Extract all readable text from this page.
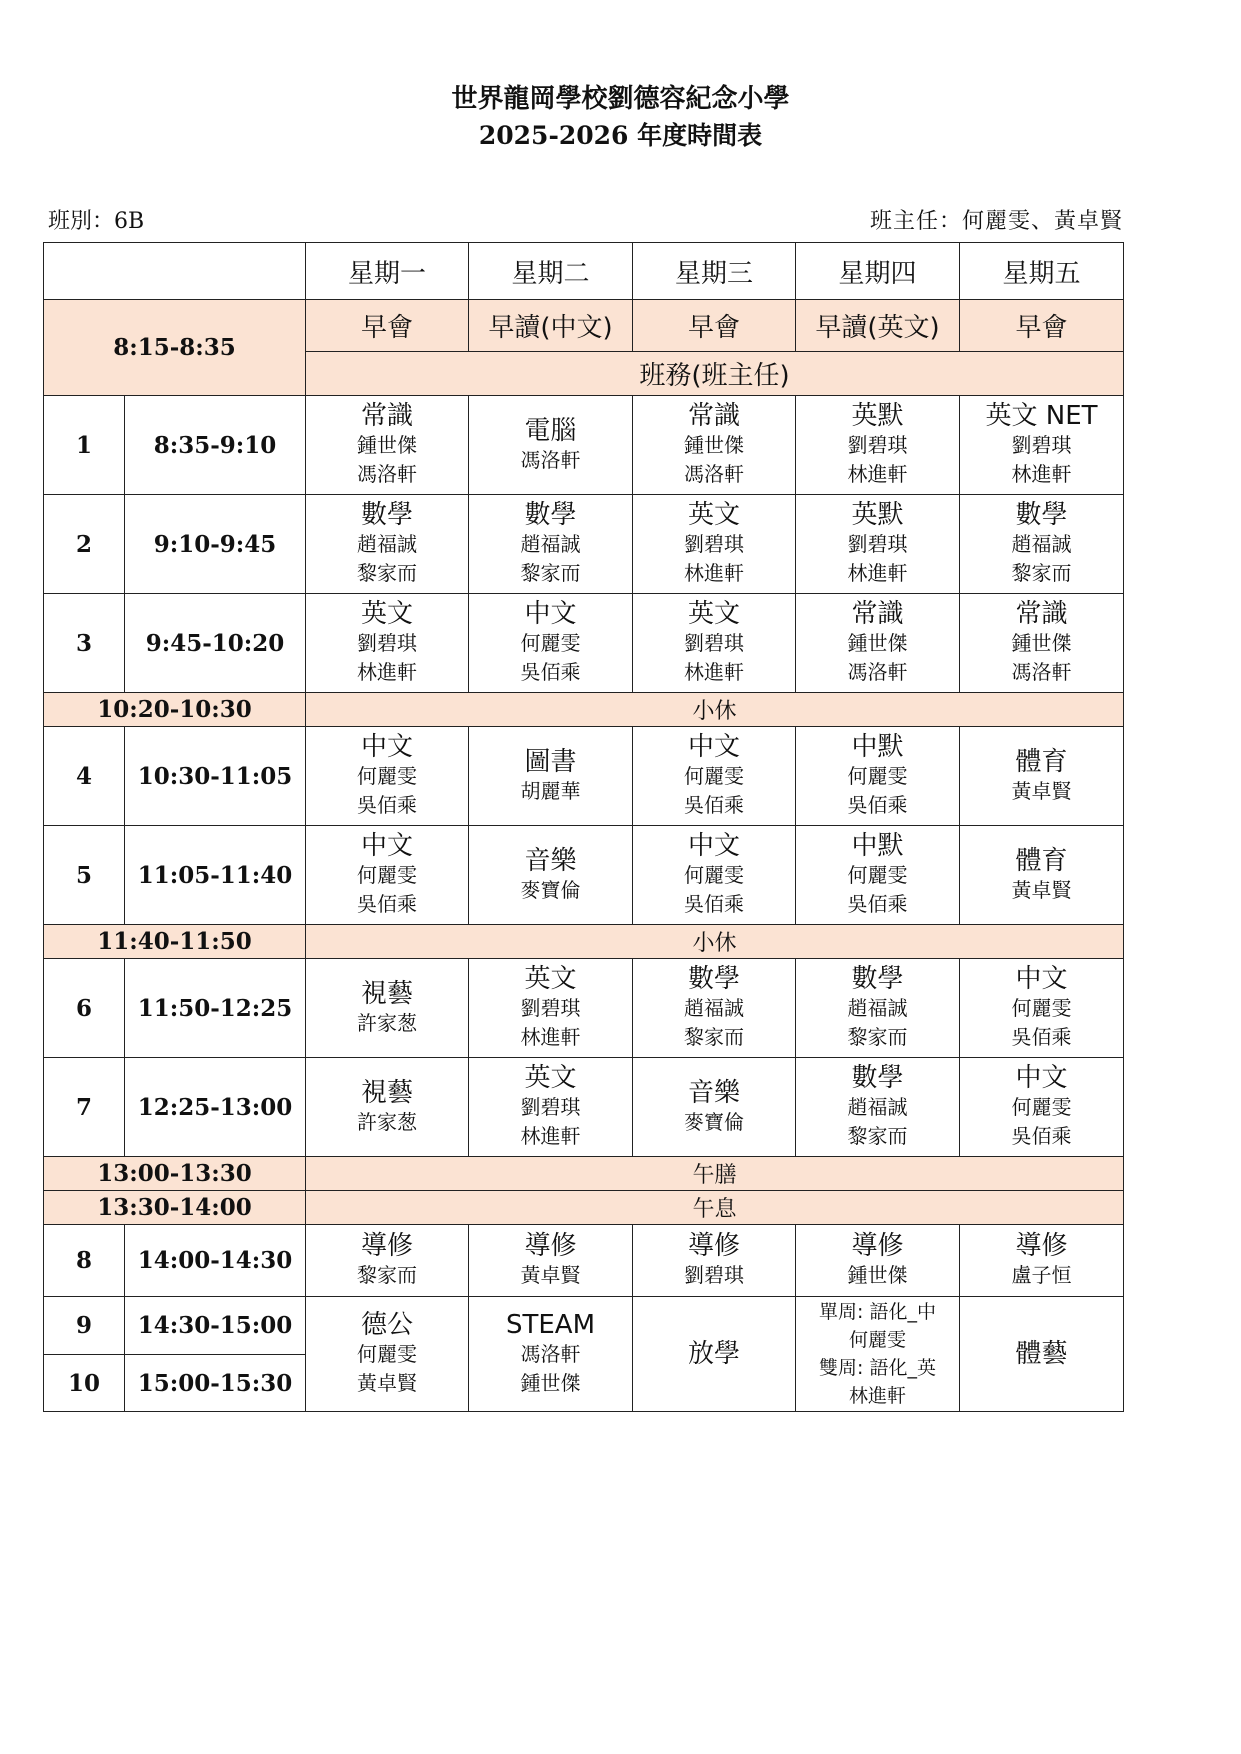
世界龍岡學校劉德容紀念小學
2025-2026 年度時間表
班別：6B	班主任：何麗雯、黃卓賢
		星期一	星期二	星期三	星期四	星期五
8:15-8:35		早會	早讀(中文)	早會	早讀(英文)	早會
		班務(班主任)				
1	8:35-9:10	常識
鍾世傑
馮洛軒	電腦
馮洛軒	常識
鍾世傑
馮洛軒	英默
劉碧琪
林進軒	英文 NET
劉碧琪
林進軒

2	9:10-9:45	數學
趙福誠
黎家而	數學
趙福誠
黎家而	英文
劉碧琪
林進軒	英默
劉碧琪
林進軒	數學
趙福誠
黎家而

3	9:45-10:20	英文
劉碧琪
林進軒	中文
何麗雯
吳佰乘	英文
劉碧琪
林進軒	常識
鍾世傑
馮洛軒	常識
鍾世傑
馮洛軒

10:20-10:30		小休				
4	10:30-11:05	中文
何麗雯
吳佰乘	圖書
胡麗華	中文
何麗雯
吳佰乘	中默
何麗雯
吳佰乘	體育
黃卓賢

5	11:05-11:40	中文
何麗雯
吳佰乘	音樂
麥寶倫	中文
何麗雯
吳佰乘	中默
何麗雯
吳佰乘	體育
黃卓賢

11:40-11:50		小休				
6	11:50-12:25	視藝
許家葱	英文
劉碧琪
林進軒	數學
趙福誠
黎家而	數學
趙福誠
黎家而	中文
何麗雯
吳佰乘

7	12:25-13:00	視藝
許家葱	英文
劉碧琪
林進軒	音樂
麥寶倫	數學
趙福誠
黎家而	中文
何麗雯
吳佰乘

13:00-13:30		午膳				
13:30-14:00		午息				
8	14:00-14:30	導修
黎家而	導修
黃卓賢	導修
劉碧琪	導修
鍾世傑	導修
盧子恒

9	14:30-15:00	德公
何麗雯
黃卓賢	STEAM
馮洛軒
鍾世傑	放學	單周: 語化_中
何麗雯
雙周: 語化_英
林進軒	體藝

10	15:00-15:30					
